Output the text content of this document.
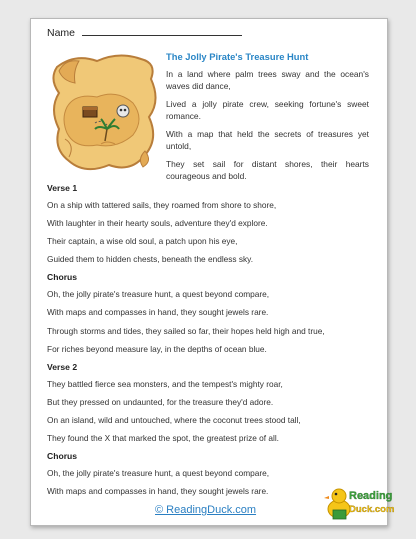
Name
The Jolly Pirate's Treasure Hunt

In a land where palm trees sway and the ocean's waves did dance,

Lived a jolly pirate crew, seeking fortune's sweet romance.

With a map that held the secrets of treasures yet untold,

They set sail for distant shores, their hearts courageous and bold.

Verse 1
On a ship with tattered sails, they roamed from shore to shore,
With laughter in their hearty souls, adventure they'd explore.
Their captain, a wise old soul, a patch upon his eye,
Guided them to hidden chests, beneath the endless sky.
Chorus
Oh, the jolly pirate's treasure hunt, a quest beyond compare,
With maps and compasses in hand, they sought jewels rare.
Through storms and tides, they sailed so far, their hopes held high and true,
For riches beyond measure lay, in the depths of ocean blue.
Verse 2
They battled fierce sea monsters, and the tempest's mighty roar,
But they pressed on undaunted, for the treasure they'd adore.
On an island, wild and untouched, where the coconut trees stood tall,
They found the X that marked the spot, the greatest prize of all.
Chorus
Oh, the jolly pirate's treasure hunt, a quest beyond compare,
With maps and compasses in hand, they sought jewels rare.
© ReadingDuck.com
Reading
Duck.com
